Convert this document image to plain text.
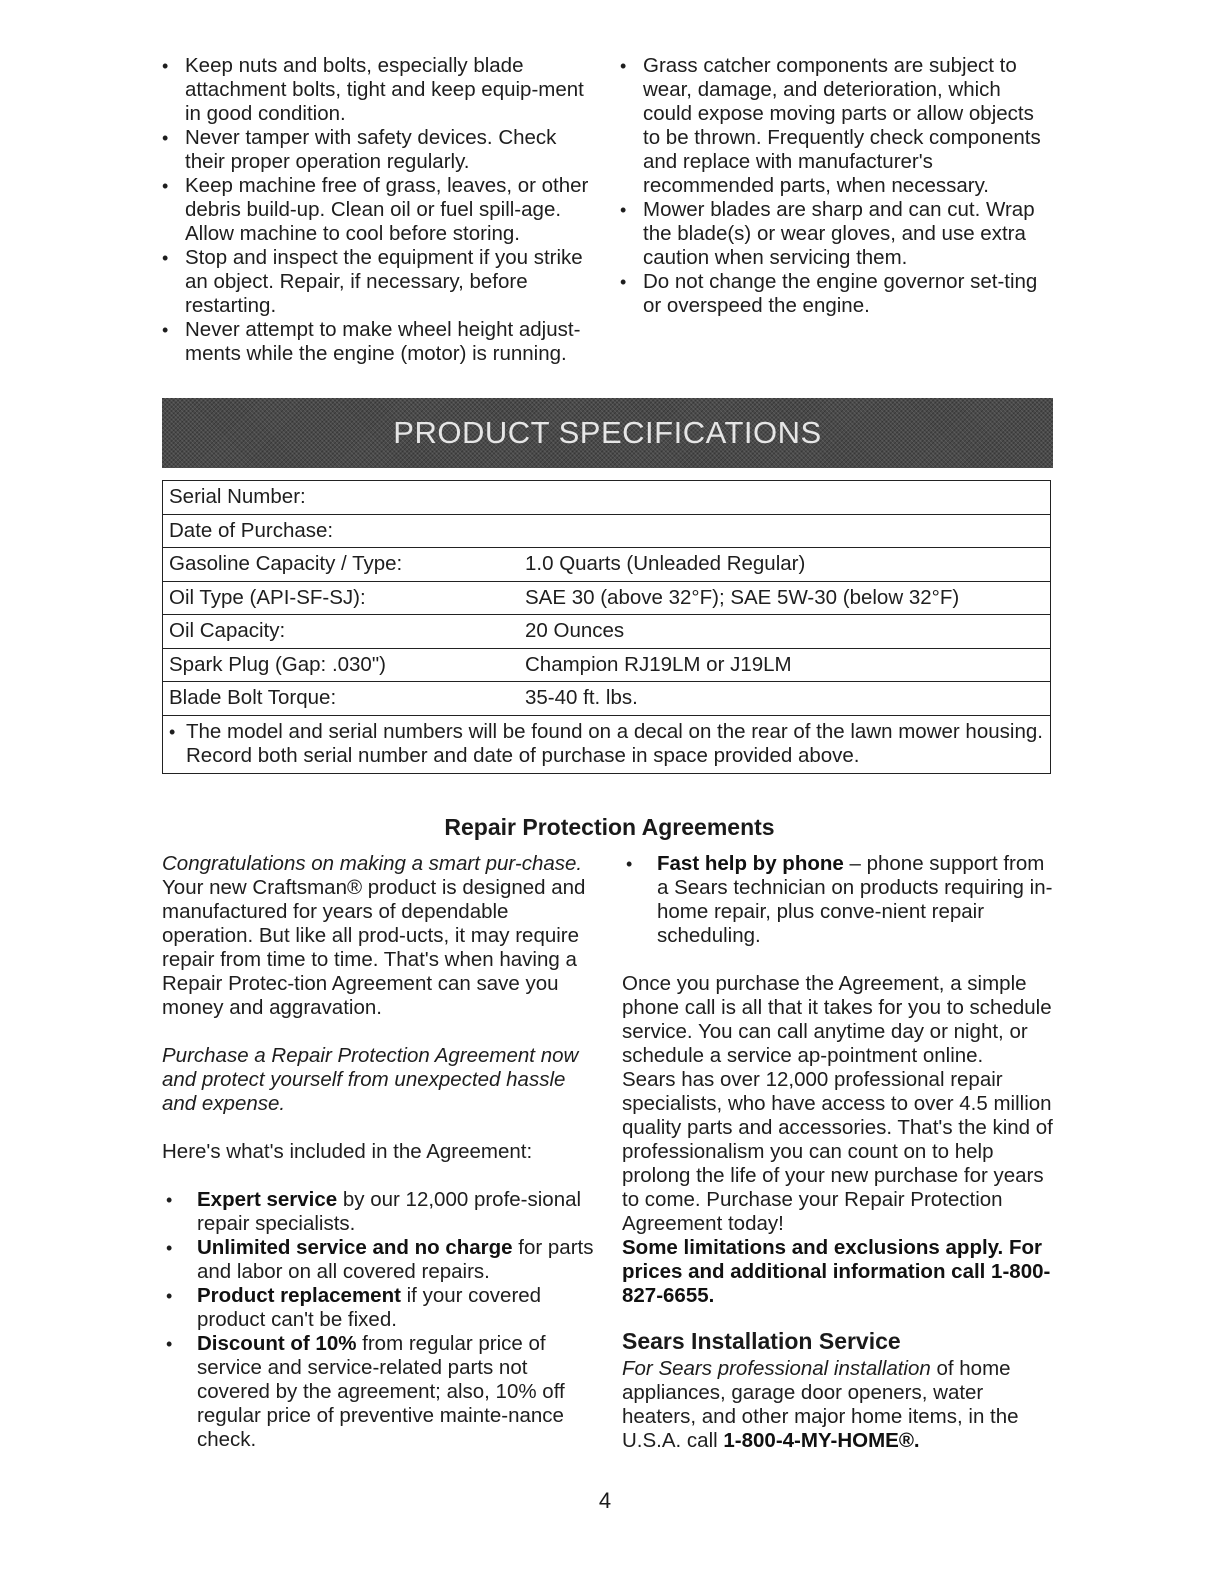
• Keep nuts and bolts, especially blade attachment bolts, tight and keep equip-ment in good condition.
• Never tamper with safety devices. Check their proper operation regularly.
• Keep machine free of grass, leaves, or other debris build-up. Clean oil or fuel spill-age. Allow machine to cool before storing.
• Stop and inspect the equipment if you strike an object. Repair, if necessary, before restarting.
• Never attempt to make wheel height adjust-ments while the engine (motor) is running.
• Grass catcher components are subject to wear, damage, and deterioration, which could expose moving parts or allow objects to be thrown. Frequently check components and replace with manufacturer's recommended parts, when necessary.
• Mower blades are sharp and can cut. Wrap the blade(s) or wear gloves, and use extra caution when servicing them.
• Do not change the engine governor set-ting or overspeed the engine.
PRODUCT SPECIFICATIONS
Serial Number:	
Date of Purchase:	
Gasoline Capacity / Type:	1.0 Quarts (Unleaded Regular)
Oil Type (API-SF-SJ):	SAE 30 (above 32°F); SAE 5W-30 (below 32°F)
Oil Capacity:	20 Ounces
Spark Plug (Gap: .030")	Champion RJ19LM or J19LM
Blade Bolt Torque:	35-40 ft. lbs.

• The model and serial numbers will be found on a decal on the rear of the lawn mower housing. Record both serial number and date of purchase in space provided above.
Repair Protection Agreements

Congratulations on making a smart pur-chase. Your new Craftsman® product is designed and manufactured for years of dependable operation. But like all prod-ucts, it may require repair from time to time. That's when having a Repair Protec-tion Agreement can save you money and aggravation.

Purchase a Repair Protection Agreement now and protect yourself from unexpected hassle and expense.

Here's what's included in the Agreement:

• Expert service by our 12,000 profe-sional repair specialists.
• Unlimited service and no charge for parts and labor on all covered repairs.
• Product replacement if your covered product can't be fixed.
• Discount of 10% from regular price of service and service-related parts not covered by the agreement; also, 10% off regular price of preventive mainte-nance check.
• Fast help by phone – phone support from a Sears technician on products requiring in-home repair, plus conve-nient repair scheduling.

Once you purchase the Agreement, a simple phone call is all that it takes for you to schedule service. You can call anytime day or night, or schedule a service ap-pointment online.

Sears has over 12,000 professional repair specialists, who have access to over 4.5 million quality parts and accessories. That's the kind of professionalism you can count on to help prolong the life of your new purchase for years to come. Purchase your Repair Protection Agreement today!

Some limitations and exclusions apply. For prices and additional information call 1-800-827-6655.

Sears Installation Service

For Sears professional installation of home appliances, garage door openers, water heaters, and other major home items, in the U.S.A. call 1-800-4-MY-HOME®.

4
